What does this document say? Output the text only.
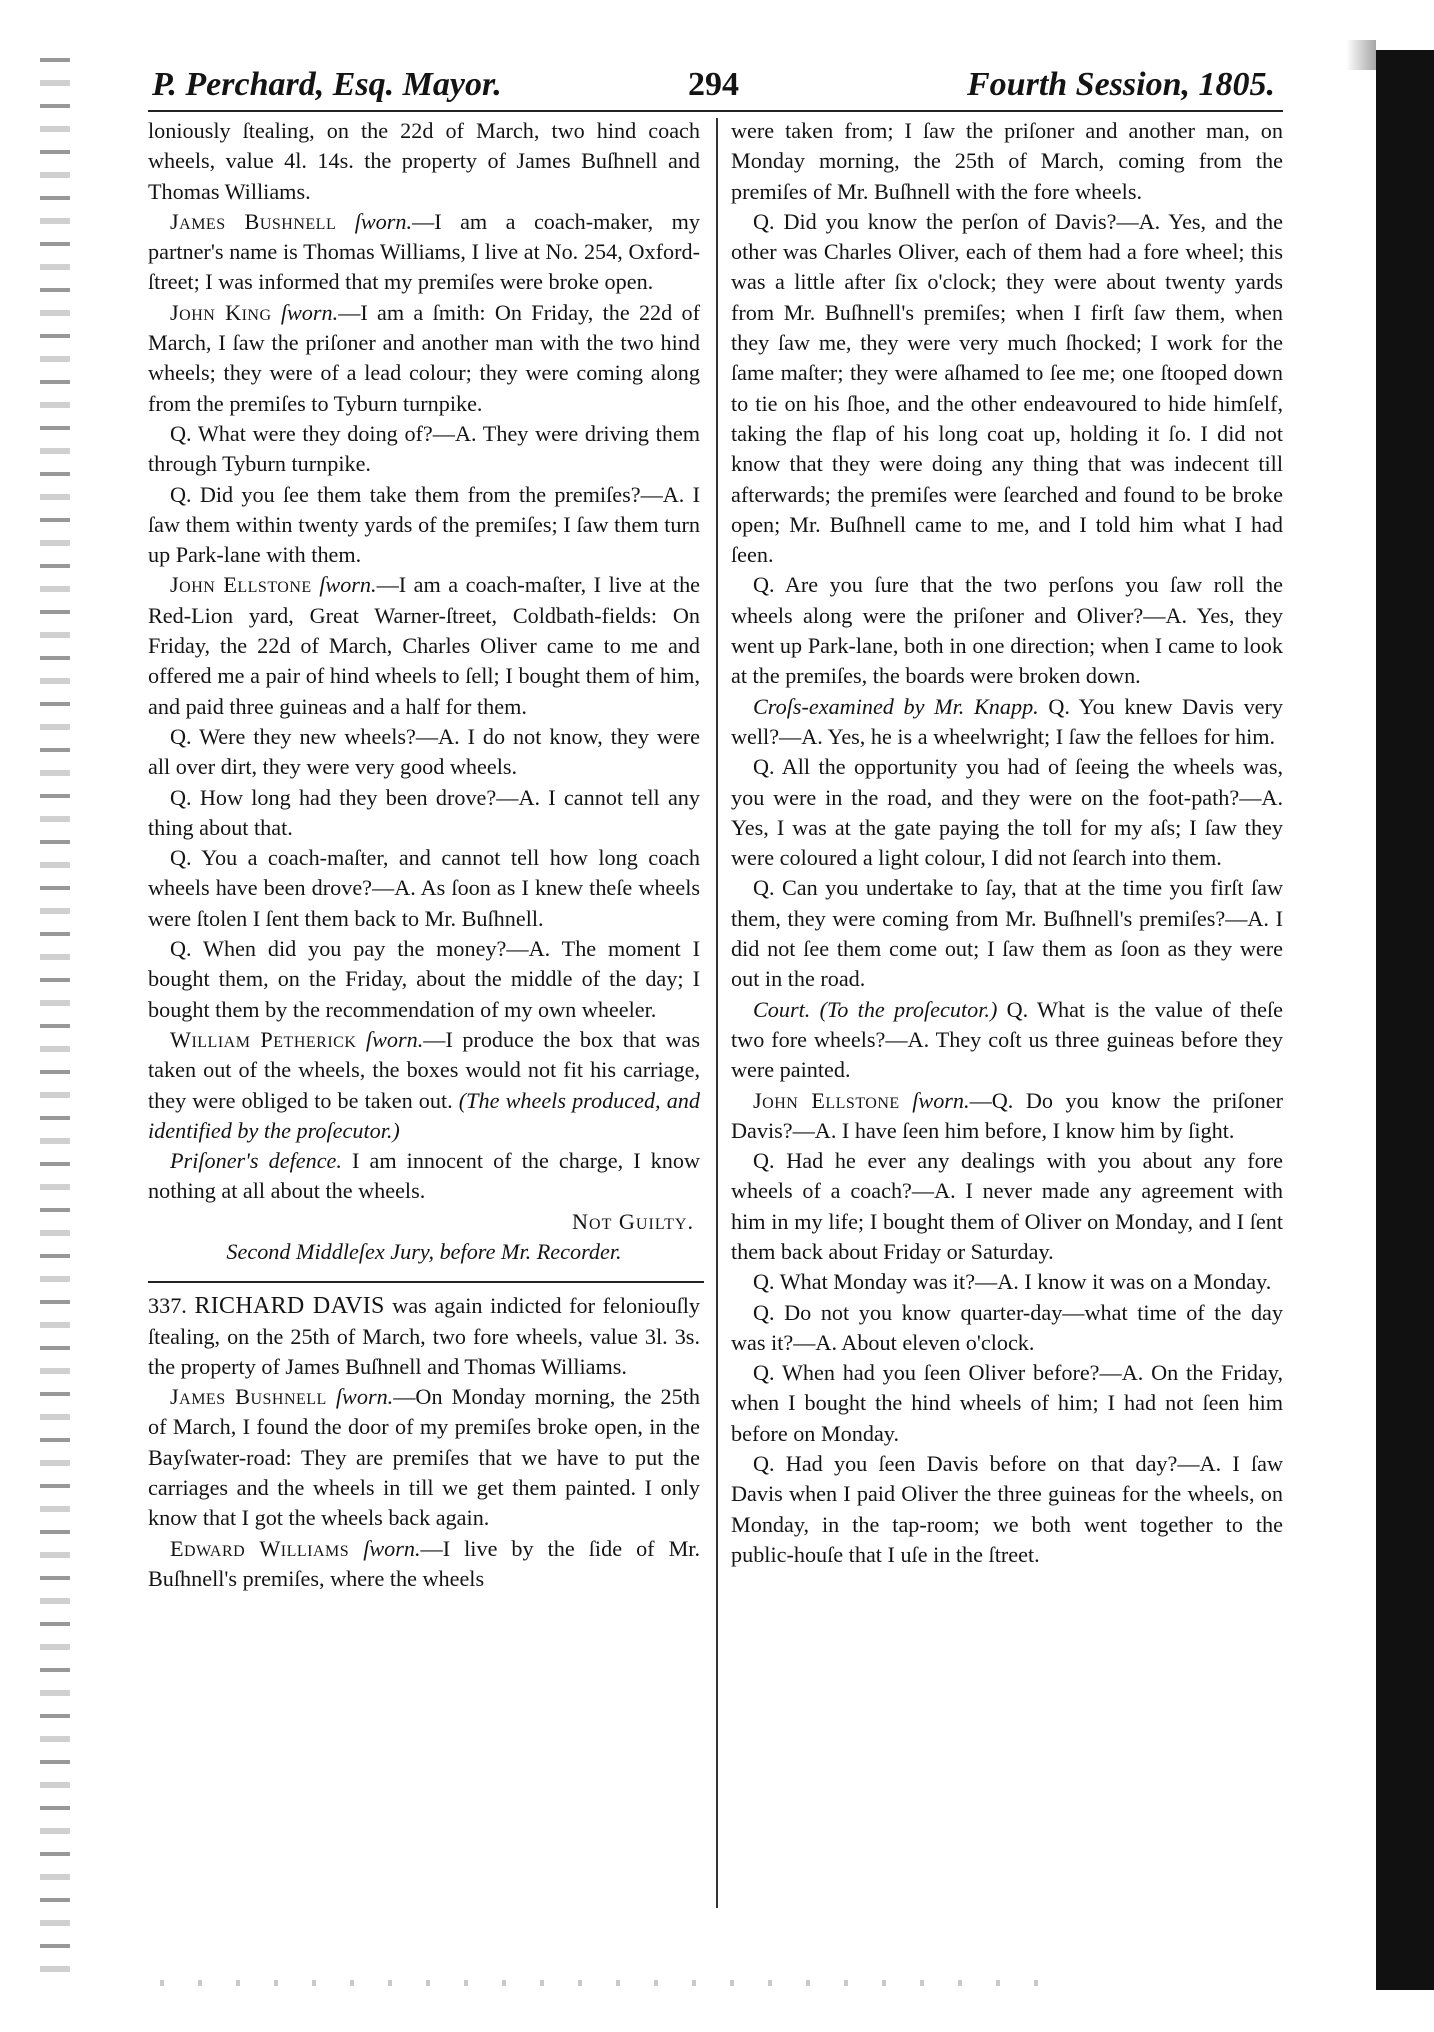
P. Perchard, Esq. Mayor.	294	Fourth Session, 1805.

loniously ſtealing, on the 22d of March, two hind coach wheels, value 4l. 14s. the property of James Buſhnell and Thomas Williams.

James Bushnell ſworn.—I am a coach-maker, my partner's name is Thomas Williams, I live at No. 254, Oxford-ſtreet; I was informed that my premiſes were broke open.

John King ſworn.—I am a ſmith: On Friday, the 22d of March, I ſaw the priſoner and another man with the two hind wheels; they were of a lead colour; they were coming along from the premiſes to Tyburn turnpike.

Q. What were they doing of?—A. They were driving them through Tyburn turnpike.

Q. Did you ſee them take them from the premiſes?—A. I ſaw them within twenty yards of the premiſes; I ſaw them turn up Park-lane with them.

John Ellstone ſworn.—I am a coach-maſter, I live at the Red-Lion yard, Great Warner-ſtreet, Coldbath-fields: On Friday, the 22d of March, Charles Oliver came to me and offered me a pair of hind wheels to ſell; I bought them of him, and paid three guineas and a half for them.

Q. Were they new wheels?—A. I do not know, they were all over dirt, they were very good wheels.

Q. How long had they been drove?—A. I cannot tell any thing about that.

Q. You a coach-maſter, and cannot tell how long coach wheels have been drove?—A. As ſoon as I knew theſe wheels were ſtolen I ſent them back to Mr. Buſhnell.

Q. When did you pay the money?—A. The moment I bought them, on the Friday, about the middle of the day; I bought them by the recommendation of my own wheeler.

William Petherick ſworn.—I produce the box that was taken out of the wheels, the boxes would not fit his carriage, they were obliged to be taken out. (The wheels produced, and identified by the proſecutor.)

Priſoner's defence. I am innocent of the charge, I know nothing at all about the wheels.

Not Guilty.

Second Middleſex Jury, before Mr. Recorder.

337. RICHARD DAVIS was again indicted for feloniouſly ſtealing, on the 25th of March, two fore wheels, value 3l. 3s. the property of James Buſhnell and Thomas Williams.

James Bushnell ſworn.—On Monday morning, the 25th of March, I found the door of my premiſes broke open, in the Bayſwater-road: They are premiſes that we have to put the carriages and the wheels in till we get them painted. I only know that I got the wheels back again.

Edward Williams ſworn.—I live by the ſide of Mr. Buſhnell's premiſes, where the wheels

were taken from; I ſaw the priſoner and another man, on Monday morning, the 25th of March, coming from the premiſes of Mr. Buſhnell with the fore wheels.

Q. Did you know the perſon of Davis?—A. Yes, and the other was Charles Oliver, each of them had a fore wheel; this was a little after ſix o'clock; they were about twenty yards from Mr. Buſhnell's premiſes; when I firſt ſaw them, when they ſaw me, they were very much ſhocked; I work for the ſame maſter; they were aſhamed to ſee me; one ſtooped down to tie on his ſhoe, and the other endeavoured to hide himſelf, taking the flap of his long coat up, holding it ſo. I did not know that they were doing any thing that was indecent till afterwards; the premiſes were ſearched and found to be broke open; Mr. Buſhnell came to me, and I told him what I had ſeen.

Q. Are you ſure that the two perſons you ſaw roll the wheels along were the priſoner and Oliver?—A. Yes, they went up Park-lane, both in one direction; when I came to look at the premiſes, the boards were broken down.

Croſs-examined by Mr. Knapp. Q. You knew Davis very well?—A. Yes, he is a wheelwright; I ſaw the felloes for him.

Q. All the opportunity you had of ſeeing the wheels was, you were in the road, and they were on the foot-path?—A. Yes, I was at the gate paying the toll for my aſs; I ſaw they were coloured a light colour, I did not ſearch into them.

Q. Can you undertake to ſay, that at the time you firſt ſaw them, they were coming from Mr. Buſhnell's premiſes?—A. I did not ſee them come out; I ſaw them as ſoon as they were out in the road.

Court. (To the proſecutor.) Q. What is the value of theſe two fore wheels?—A. They coſt us three guineas before they were painted.

John Ellstone ſworn.—Q. Do you know the priſoner Davis?—A. I have ſeen him before, I know him by ſight.

Q. Had he ever any dealings with you about any fore wheels of a coach?—A. I never made any agreement with him in my life; I bought them of Oliver on Monday, and I ſent them back about Friday or Saturday.

Q. What Monday was it?—A. I know it was on a Monday.

Q. Do not you know quarter-day—what time of the day was it?—A. About eleven o'clock.

Q. When had you ſeen Oliver before?—A. On the Friday, when I bought the hind wheels of him; I had not ſeen him before on Monday.

Q. Had you ſeen Davis before on that day?—A. I ſaw Davis when I paid Oliver the three guineas for the wheels, on Monday, in the tap-room; we both went together to the public-houſe that I uſe in the ſtreet.
